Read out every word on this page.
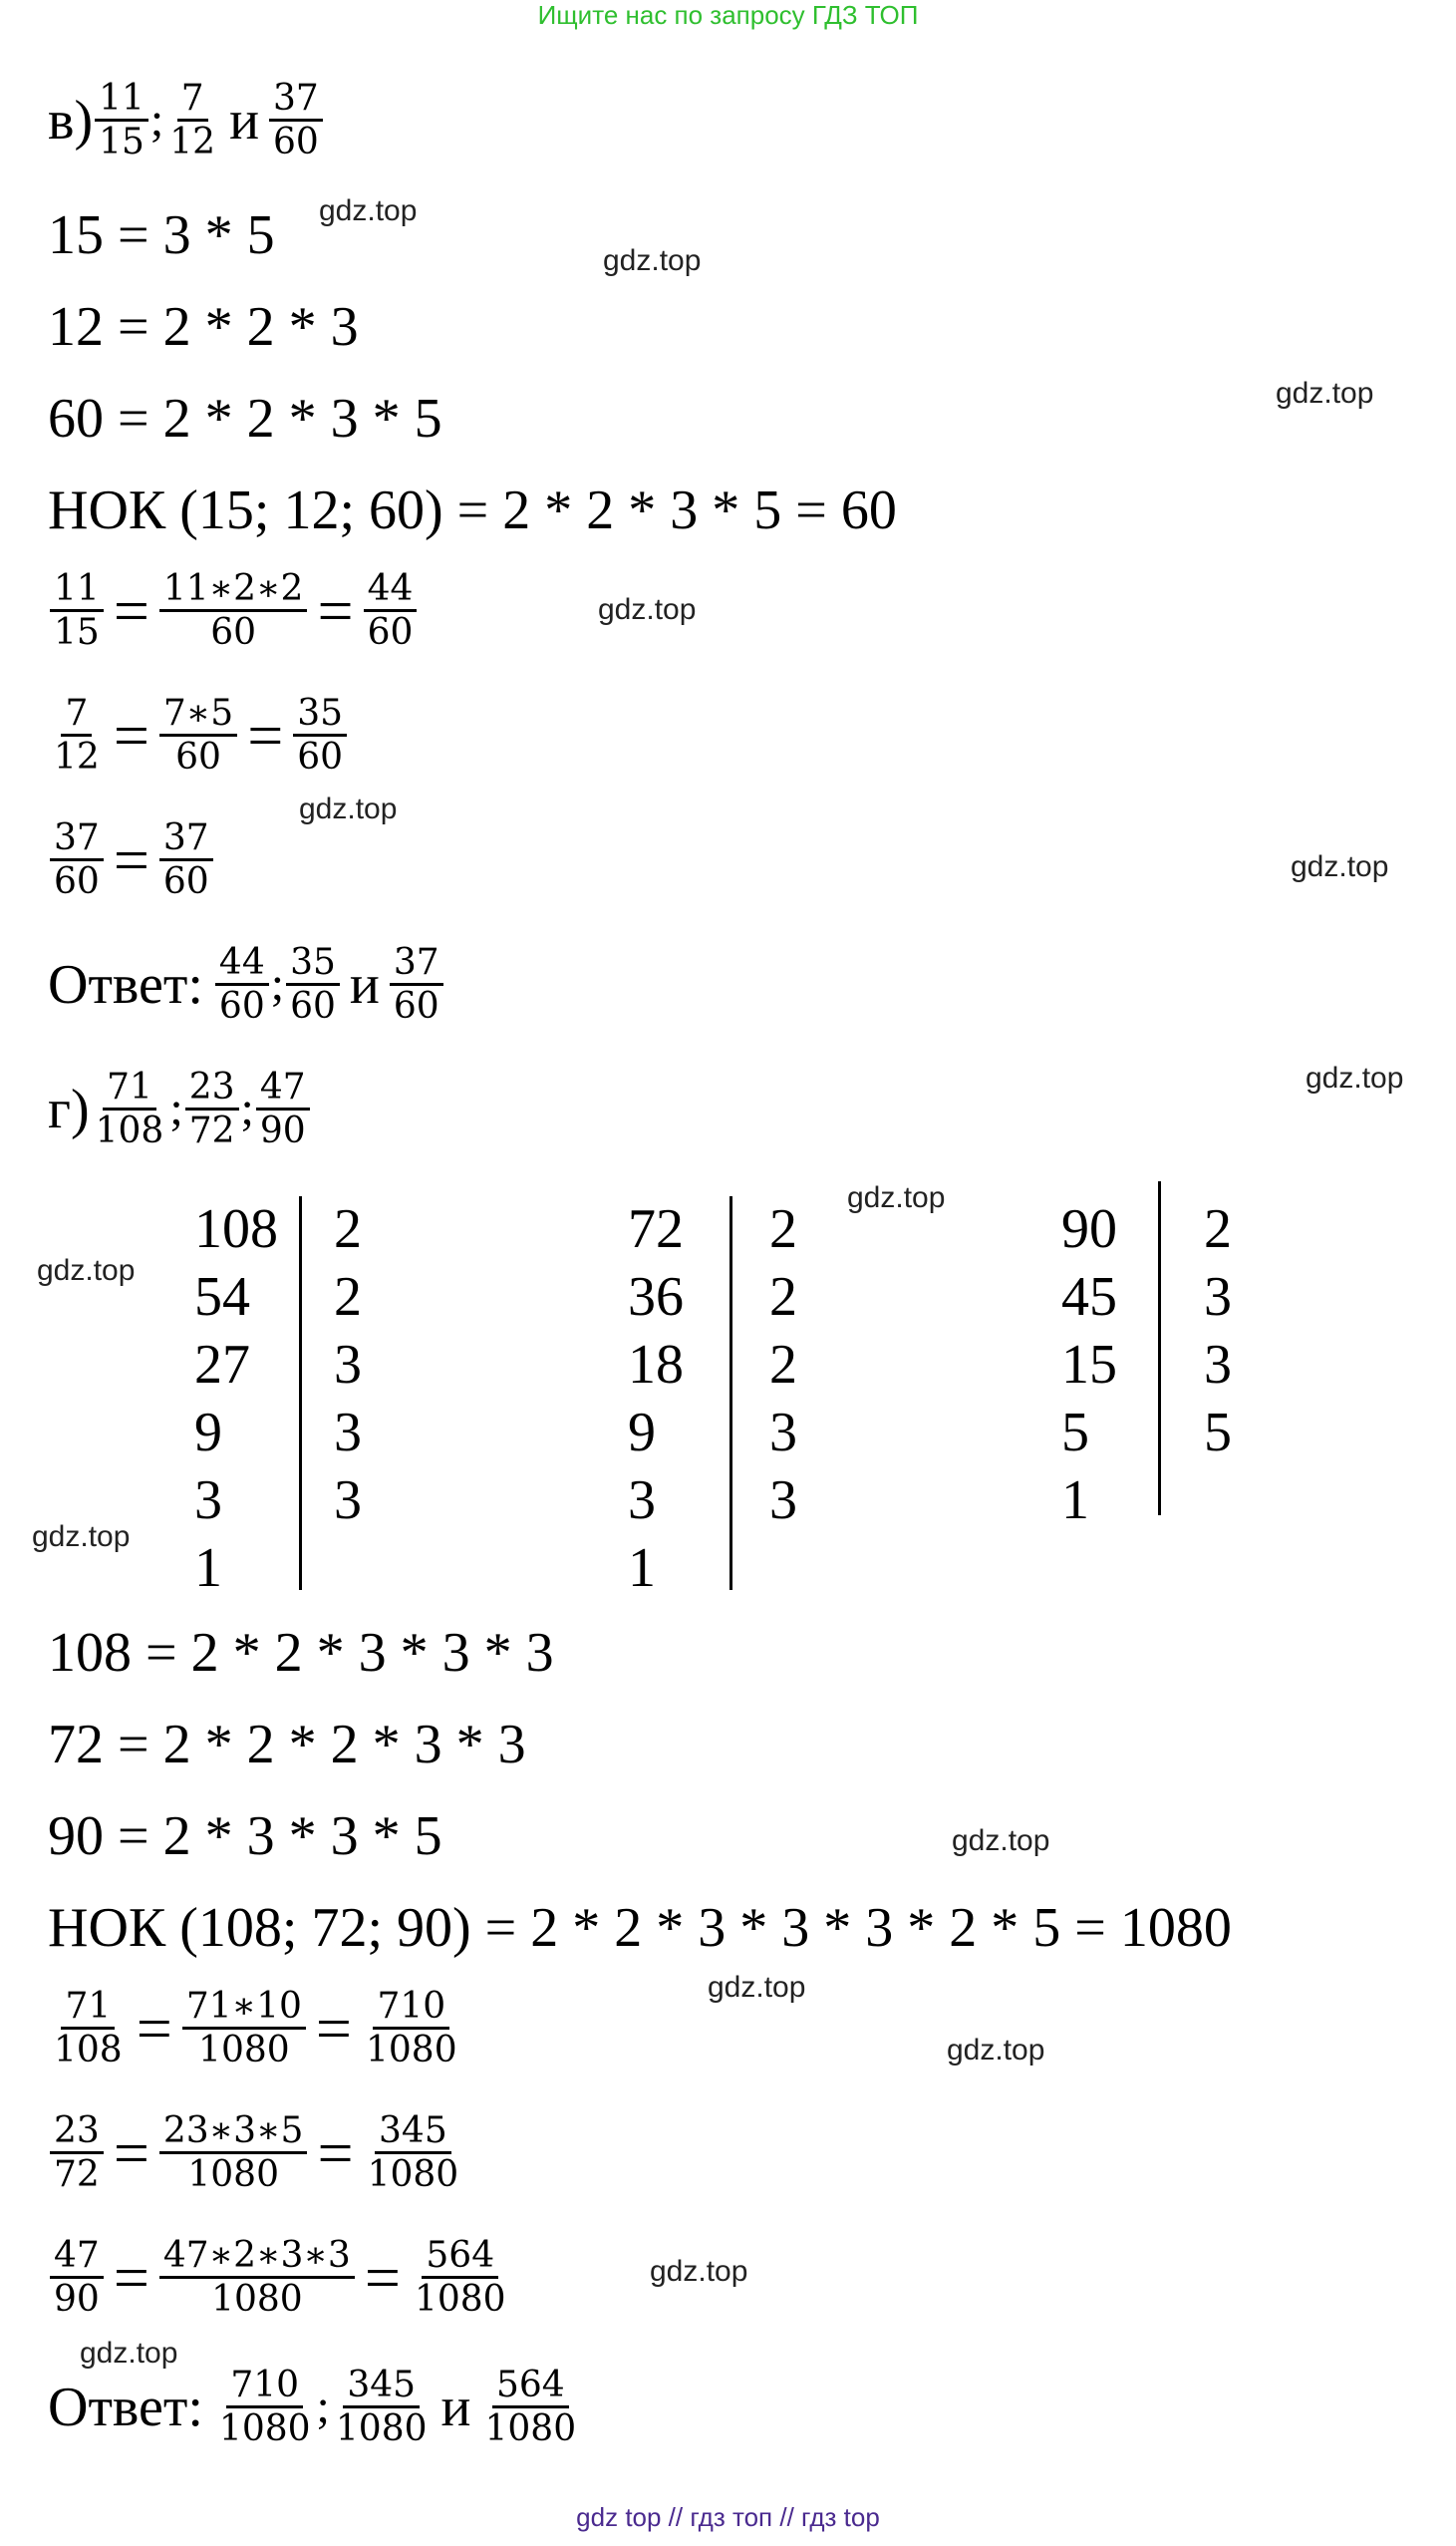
Ищите нас по запросу ГДЗ ТОП
gdz.top
gdz.top
gdz.top
gdz.top
gdz.top
gdz.top
gdz.top
gdz.top
gdz.top
gdz.top
gdz.top
gdz.top
gdz.top
gdz.top
gdz.top
$в) \frac{11}{15}$ ; $\frac{7}{12}$ и $\frac{37}{60}$
15 = 3 * 5
12 = 2 * 2 * 3
60 = 2 * 2 * 3 * 5
НОК (15; 12; 60) = 2 * 2 * 3 * 5 = 60
$\frac{11}{15} = \frac{11∗2∗2}{60} = \frac{44}{60}$
$\frac{7}{12} = \frac{7∗5}{60} = \frac{35}{60}$
$\frac{37}{60} = \frac{37}{60}$
Ответ: $\frac{44}{60}$ ; $\frac{35}{60}$ и $\frac{37}{60}$
$г) \frac{71}{108}$ ; $\frac{23}{72}$ ; $\frac{47}{90}$
108
54
27
9
3
1
2
2
3
3
3
72
36
18
9
3
1
2
2
2
3
3
90
45
15
5
1
2
3
3
5
108 = 2 * 2 * 3 * 3 * 3
72 = 2 * 2 * 2 * 3 * 3
90 = 2 * 3 * 3 * 5
НОК (108; 72; 90) = 2 * 2 * 3 * 3 * 3 * 2 * 5 = 1080
$\frac{71}{108} = \frac{71∗10}{1080} = \frac{710}{1080}$
$\frac{23}{72} = \frac{23∗3∗5}{1080} = \frac{345}{1080}$
$\frac{47}{90} = \frac{47∗2∗3∗3}{1080} = \frac{564}{1080}$
Ответ: $\frac{710}{1080}$ ; $\frac{345}{1080}$ и $\frac{564}{1080}$
gdz top // гдз топ // гдз top
